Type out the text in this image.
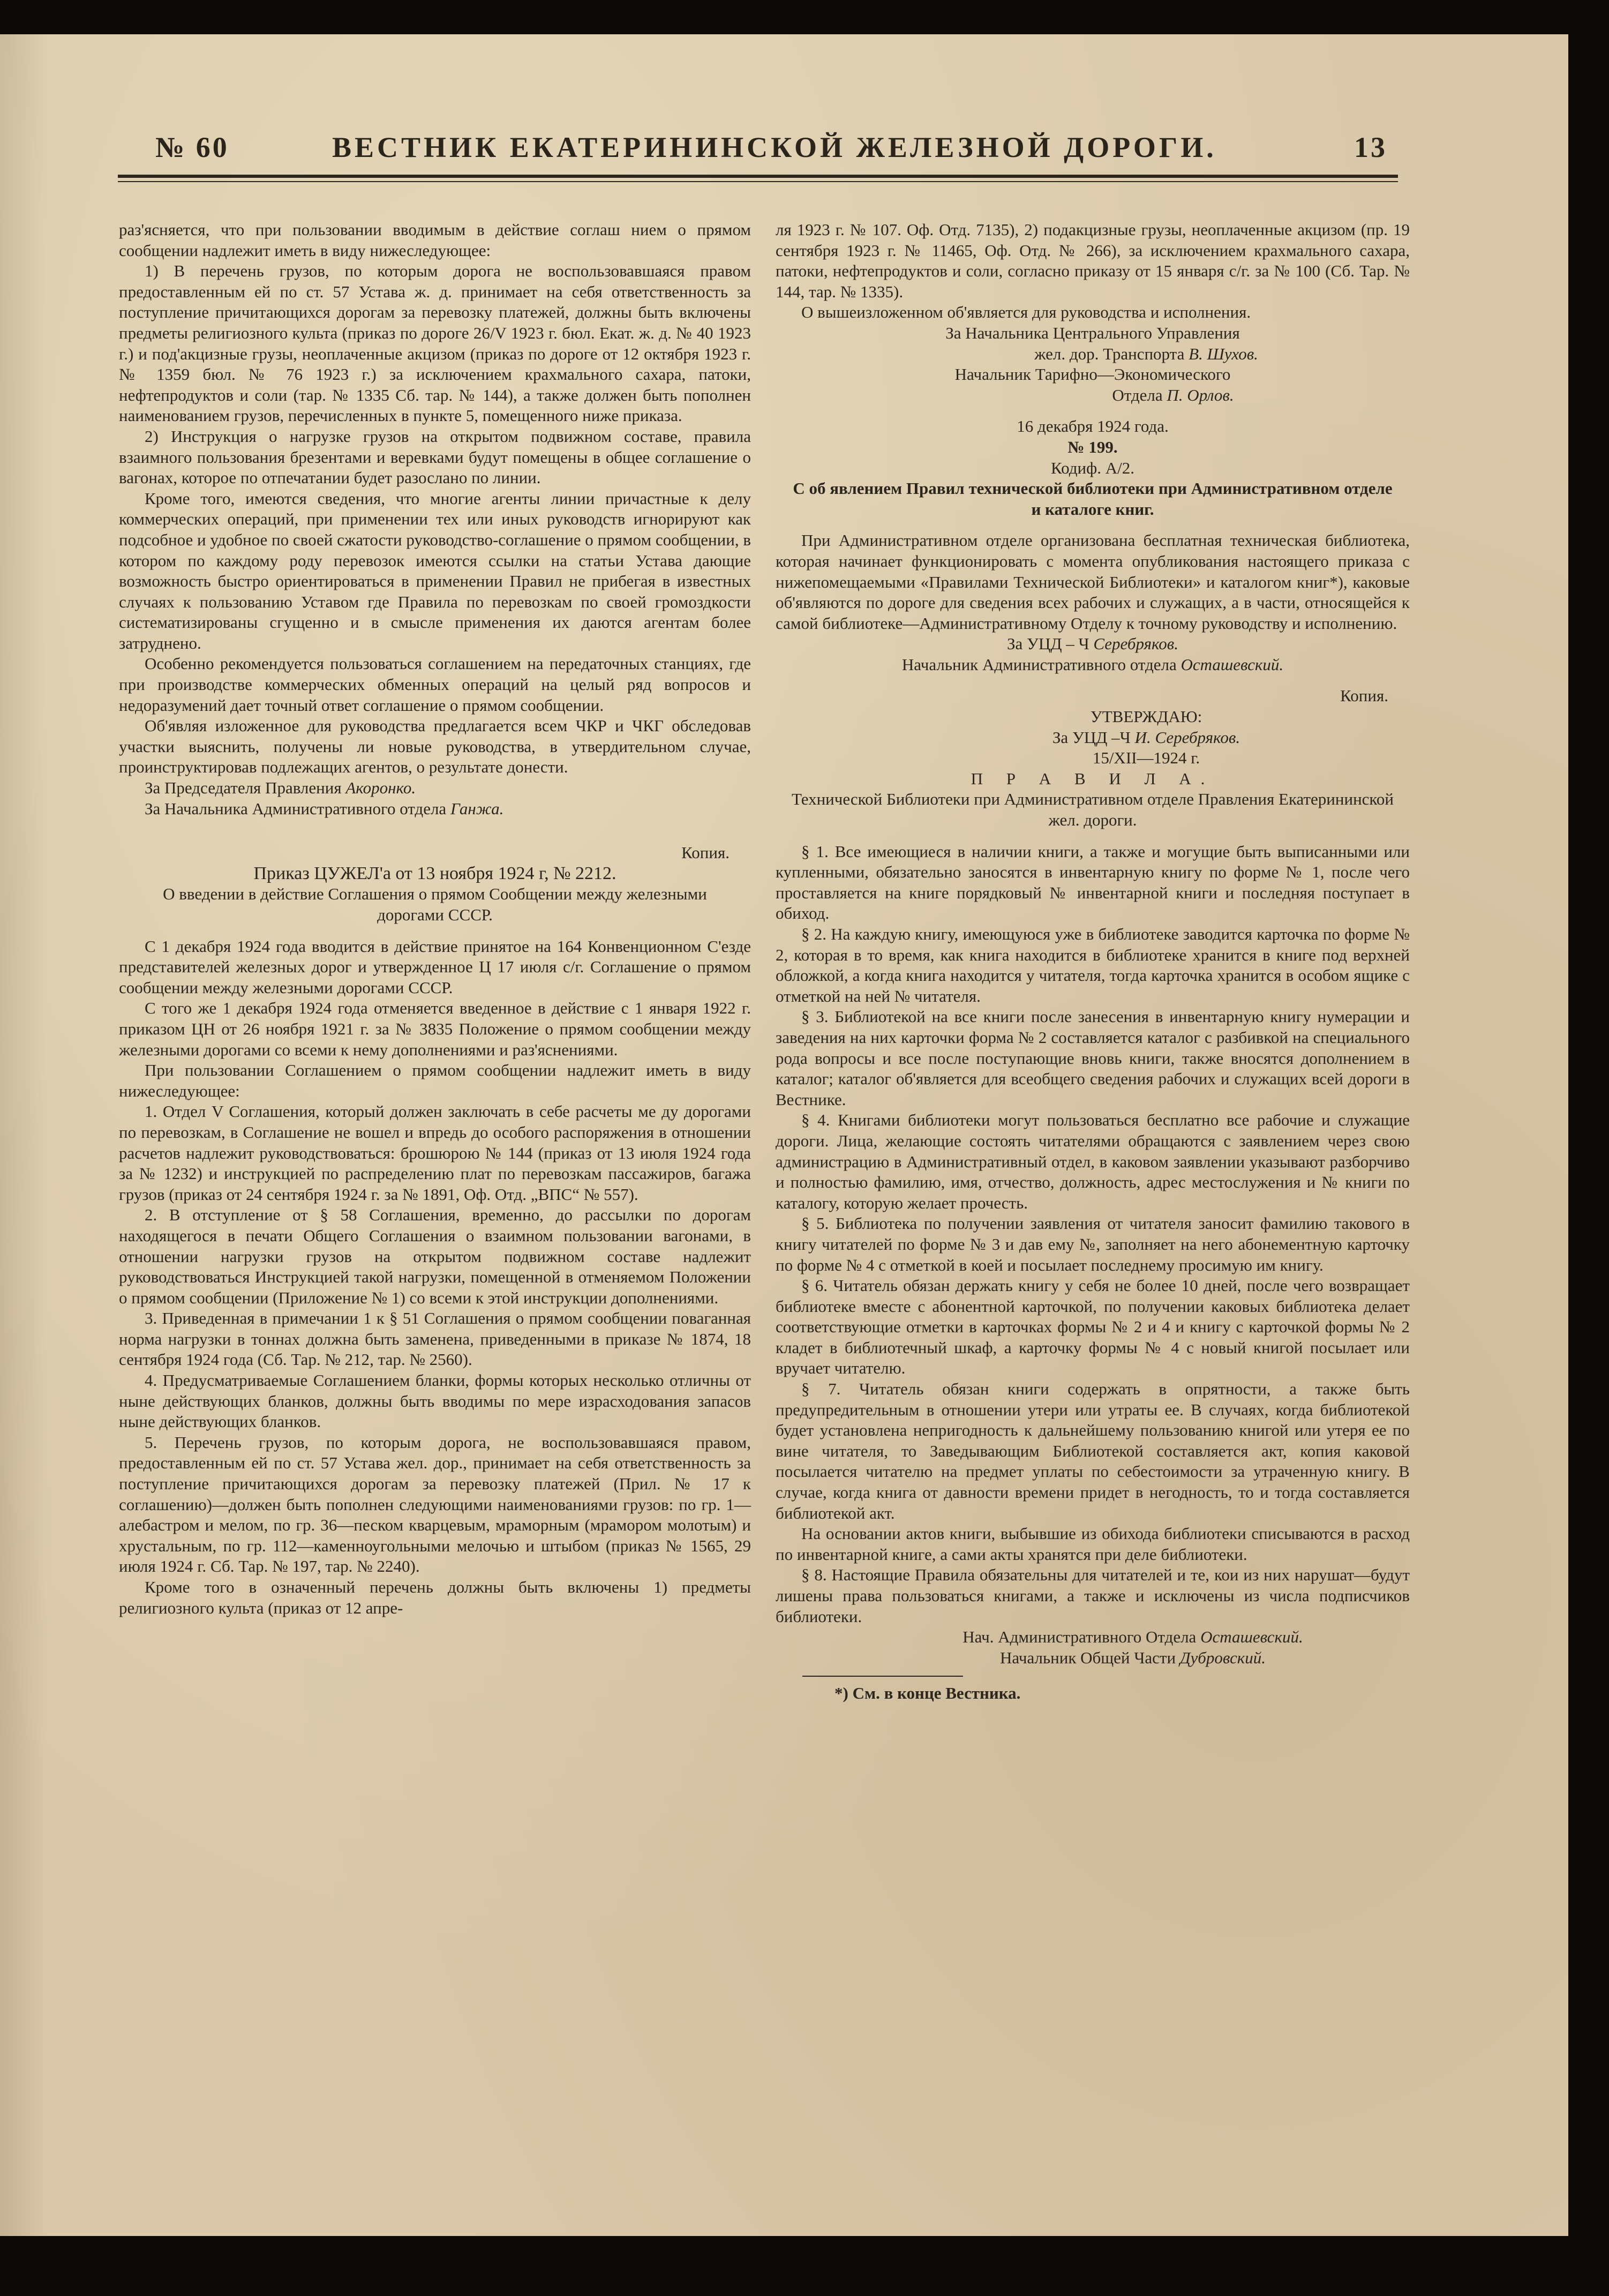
№ 60	ВЕСТНИК ЕКАТЕРИНИНСКОЙ ЖЕЛЕЗНОЙ ДОРОГИ.	13

раз'ясняется, что при пользовании вводимым в действие соглаш нием о прямом сообщении надлежит иметь в виду нижеследующее:

1) В перечень грузов, по которым дорога не воспользовавшаяся правом предоставленным ей по ст. 57 Устава ж. д. принимает на себя ответственность за поступление причитающихся дорогам за перевозку платежей, должны быть включены предметы религиозного культа (приказ по дороге 26/V 1923 г. бюл. Екат. ж. д. № 40 1923 г.) и под'акцизные грузы, неоплаченные акцизом (приказ по дороге от 12 октября 1923 г. № 1359 бюл. № 76 1923 г.) за исключением крахмального сахара, патоки, нефтепродуктов и соли (тар. № 1335 Сб. тар. № 144), а также должен быть пополнен наименованием грузов, перечисленных в пункте 5, помещенного ниже приказа.

2) Инструкция о нагрузке грузов на открытом подвижном составе, правила взаимного пользования брезентами и веревками будут помещены в общее соглашение о вагонах, которое по отпечатании будет разослано по линии.

Кроме того, имеются сведения, что многие агенты линии причастные к делу коммерческих операций, при применении тех или иных руководств игнорируют как подсобное и удобное по своей сжатости руководство-соглашение о прямом сообщении, в котором по каждому роду перевозок имеются ссылки на статьи Устава дающие возможность быстро ориентироваться в применении Правил не прибегая в известных случаях к пользованию Уставом где Правила по перевозкам по своей громоздкости систематизированы сгущенно и в смысле применения их даются агентам более затруднено.

Особенно рекомендуется пользоваться соглашением на передаточных станциях, где при производстве коммерческих обменных операций на целый ряд вопросов и недоразумений дает точный ответ соглашение о прямом сообщении.

Об'являя изложенное для руководства предлагается всем ЧКР и ЧКГ обследовав участки выяснить, получены ли новые руководства, в утвердительном случае, проинструктировав подлежащих агентов, о результате донести.

За Председателя Правления Акоронко.

За Начальника Административного отдела Ганжа.

Копия.

Приказ ЦУЖЕЛ'а от 13 ноября 1924 г, № 2212.

О введении в действие Соглашения о прямом Сообщении между железными дорогами СССР.

С 1 декабря 1924 года вводится в действие принятое на 164 Конвенционном С'езде представителей железных дорог и утвержденное Ц 17 июля с/г. Соглашение о прямом сообщении между железными дорогами СССР.

С того же 1 декабря 1924 года отменяется введенное в действие с 1 января 1922 г. приказом ЦН от 26 ноября 1921 г. за № 3835 Положение о прямом сообщении между железными дорогами со всеми к нему дополнениями и раз'яснениями.

При пользовании Соглашением о прямом сообщении надлежит иметь в виду нижеследующее:

1. Отдел V Соглашения, который должен заключать в себе расчеты ме ду дорогами по перевозкам, в Соглашение не вошел и впредь до особого распоряжения в отношении расчетов надлежит руководствоваться: брошюрою № 144 (приказ от 13 июля 1924 года за № 1232) и инструкцией по распределению плат по перевозкам пассажиров, багажа грузов (приказ от 24 сентября 1924 г. за № 1891, Оф. Отд. „ВПС“ № 557).

2. В отступление от § 58 Соглашения, временно, до рассылки по дорогам находящегося в печати Общего Соглашения о взаимном пользовании вагонами, в отношении нагрузки грузов на открытом подвижном составе надлежит руководствоваться Инструкцией такой нагрузки, помещенной в отменяемом Положении о прямом сообщении (Приложение № 1) со всеми к этой инструкции дополнениями.

3. Приведенная в примечании 1 к § 51 Соглашения о прямом сообщении поваганная норма нагрузки в тоннах должна быть заменена, приведенными в приказе № 1874, 18 сентября 1924 года (Сб. Тар. № 212, тар. № 2560).

4. Предусматриваемые Соглашением бланки, формы которых несколько отличны от ныне действующих бланков, должны быть вводимы по мере израсходования запасов ныне действующих бланков.

5. Перечень грузов, по которым дорога, не воспользовавшаяся правом, предоставленным ей по ст. 57 Устава жел. дор., принимает на себя ответственность за поступление причитающихся дорогам за перевозку платежей (Прил. № 17 к соглашению)—должен быть пополнен следующими наименованиями грузов: по гр. 1—алебастром и мелом, по гр. 36—песком кварцевым, мраморным (мрамором молотым) и хрустальным, по гр. 112—каменноугольными мелочью и штыбом (приказ № 1565, 29 июля 1924 г. Сб. Тар. № 197, тар. № 2240).

Кроме того в означенный перечень должны быть включены 1) предметы религиозного культа (приказ от 12 апре-

ля 1923 г. № 107. Оф. Отд. 7135), 2) подакцизные грузы, неоплаченные акцизом (пр. 19 сентября 1923 г. № 11465, Оф. Отд. № 266), за исключением крахмального сахара, патоки, нефтепродуктов и соли, согласно приказу от 15 января с/г. за № 100 (Сб. Тар. № 144, тар. № 1335).

О вышеизложенном об'является для руководства и исполнения.

За Начальника Центрального Управления

жел. дор. Транспорта В. Шухов.

Начальник Тарифно—Экономического

Отдела П. Орлов.

16 декабря 1924 года.

№ 199.

Кодиф. А/2.

С об явлением Правил технической библиотеки при Административном отделе и каталоге книг.

При Административном отделе организована бесплатная техническая библиотека, которая начинает функционировать с момента опубликования настоящего приказа с нижепомещаемыми «Правилами Технической Библиотеки» и каталогом книг*), каковые об'являются по дороге для сведения всех рабочих и служащих, а в части, относящейся к самой библиотеке—Административному Отделу к точному руководству и исполнению.

За УЦД – Ч Серебряков.

Начальник Административного отдела Осташевский.

Копия.

УТВЕРЖДАЮ:

За УЦД –Ч И. Серебряков.

15/XII—1924 г.

П Р А В И Л А.

Технической Библиотеки при Административном отделе Правления Екатерининской жел. дороги.

§ 1. Все имеющиеся в наличии книги, а также и могущие быть выписанными или купленными, обязательно заносятся в инвентарную книгу по форме № 1, после чего проставляется на книге порядковый № инвентарной книги и последняя поступает в обиход.

§ 2. На каждую книгу, имеющуюся уже в библиотеке заводится карточка по форме № 2, которая в то время, как книга находится в библиотеке хранится в книге под верхней обложкой, а когда книга находится у читателя, тогда карточка хранится в особом ящике с отметкой на ней № читателя.

§ 3. Библиотекой на все книги после занесения в инвентарную книгу нумерации и заведения на них карточки форма № 2 составляется каталог с разбивкой на специального рода вопросы и все после поступающие вновь книги, также вносятся дополнением в каталог; каталог об'является для всеобщего сведения рабочих и служащих всей дороги в Вестнике.

§ 4. Книгами библиотеки могут пользоваться бесплатно все рабочие и служащие дороги. Лица, желающие состоять читателями обращаются с заявлением через свою администрацию в Административный отдел, в каковом заявлении указывают разборчиво и полностью фамилию, имя, отчество, должность, адрес местослужения и № книги по каталогу, которую желает прочесть.

§ 5. Библиотека по получении заявления от читателя заносит фамилию такового в книгу читателей по форме № 3 и дав ему №, заполняет на него абонементную карточку по форме № 4 с отметкой в коей и посылает последнему просимую им книгу.

§ 6. Читатель обязан держать книгу у себя не более 10 дней, после чего возвращает библиотеке вместе с абонентной карточкой, по получении каковых библиотека делает соответствующие отметки в карточках формы № 2 и 4 и книгу с карточкой формы № 2 кладет в библиотечный шкаф, а карточку формы № 4 с новый книгой посылает или вручает читателю.

§ 7. Читатель обязан книги содержать в опрятности, а также быть предупредительным в отношении утери или утраты ее. В случаях, когда библиотекой будет установлена непригодность к дальнейшему пользованию книгой или утеря ее по вине читателя, то Заведывающим Библиотекой составляется акт, копия каковой посылается читателю на предмет уплаты по себестоимости за утраченную книгу. В случае, когда книга от давности времени придет в негодность, то и тогда составляется библиотекой акт.

На основании актов книги, выбывшие из обихода библиотеки списываются в расход по инвентарной книге, а сами акты хранятся при деле библиотеки.

§ 8. Настоящие Правила обязательны для читателей и те, кои из них нарушат—будут лишены права пользоваться книгами, а также и исключены из числа подписчиков библиотеки.

Нач. Административного Отдела Осташевский.

Начальник Общей Части Дубровский.

*) См. в конце Вестника.
